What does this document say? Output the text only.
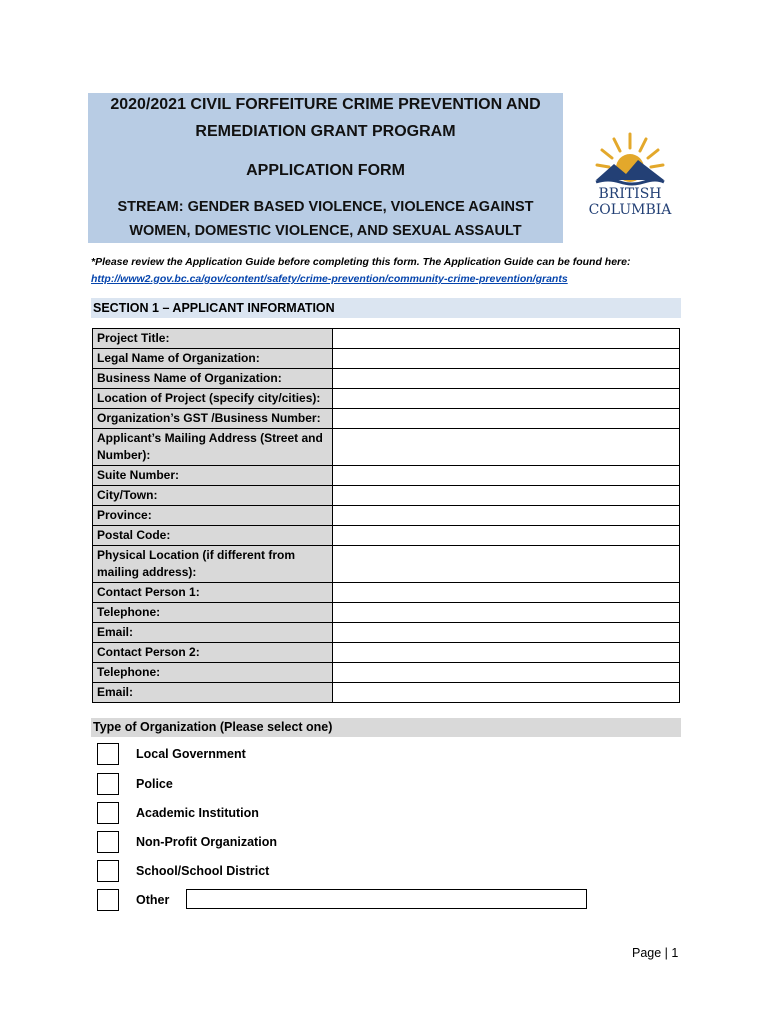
2020/2021 CIVIL FORFEITURE CRIME PREVENTION AND
REMEDIATION GRANT PROGRAM
APPLICATION FORM
STREAM: GENDER BASED VIOLENCE, VIOLENCE AGAINST
WOMEN, DOMESTIC VIOLENCE, AND SEXUAL ASSAULT
BRITISH
COLUMBIA
*Please review the Application Guide before completing this form. The Application Guide can be found here:
http://www2.gov.bc.ca/gov/content/safety/crime-prevention/community-crime-prevention/grants
SECTION 1 – APPLICANT INFORMATION
Project Title:	
Legal Name of Organization:	
Business Name of Organization:	
Location of Project (specify city/cities):	
Organization’s GST /Business Number:	
Applicant’s Mailing Address (Street and Number):	
Suite Number:	
City/Town:	
Province:	
Postal Code:	
Physical Location (if different from mailing address):	
Contact Person 1:	
Telephone:	
Email:	
Contact Person 2:	
Telephone:	
Email:	
Type of Organization (Please select one)
Local Government
Police
Academic Institution
Non-Profit Organization
School/School District
Other
Page | 1
